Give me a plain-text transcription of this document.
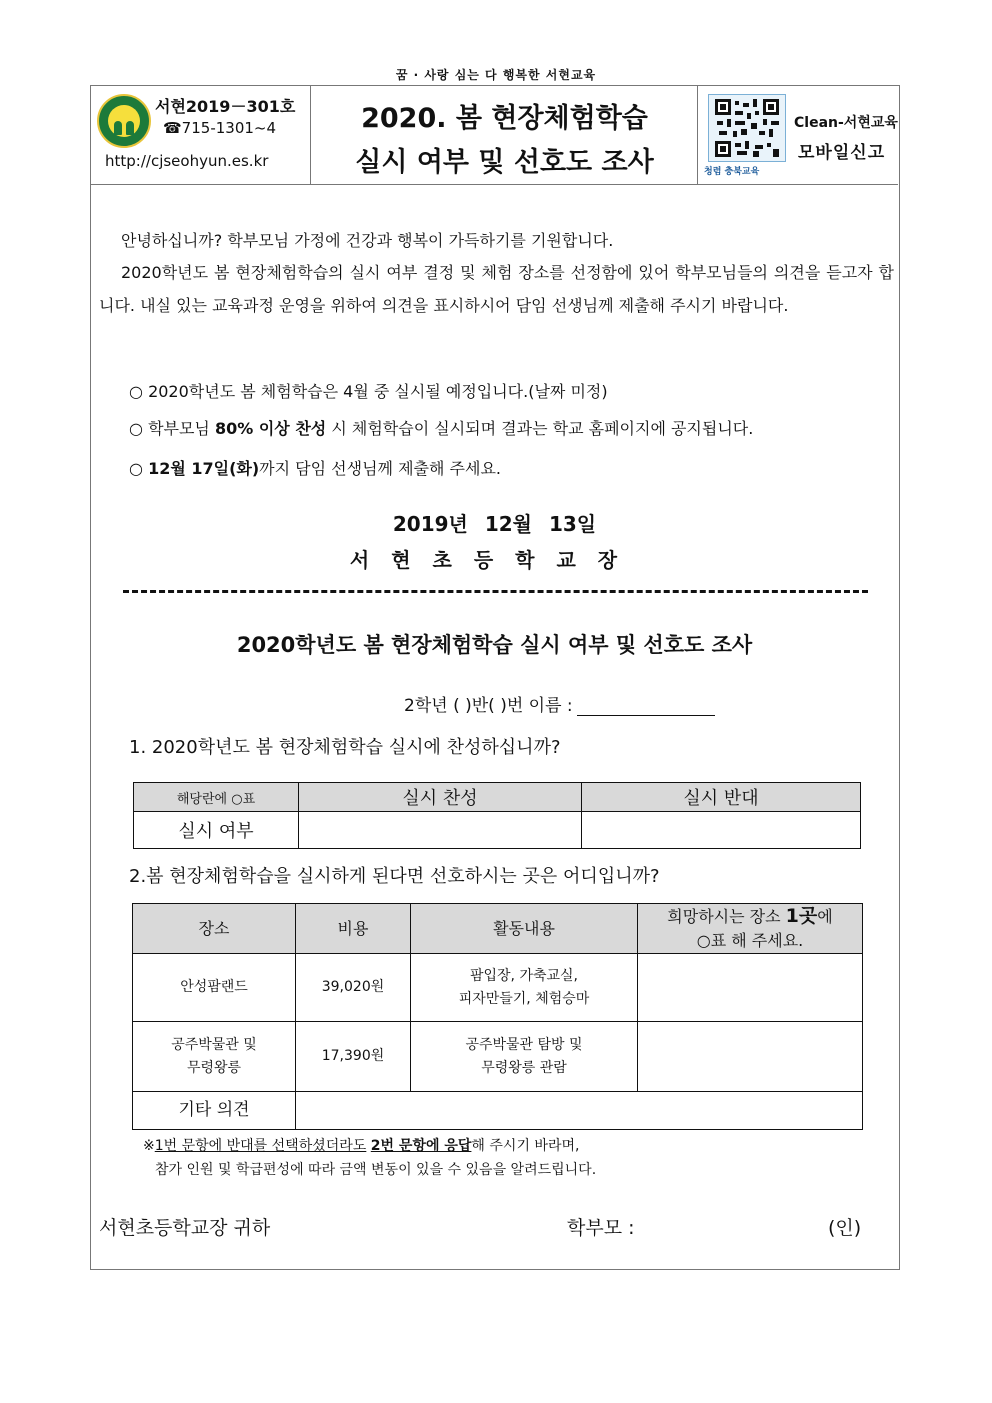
꿈 · 사랑 심는 다 행복한 서현교육
서현2019－301호
☎715-1301~4
http://cjseohyun.es.kr
2020. 봄 현장체험학습
실시 여부 및 선호도 조사	청렴 충북교육
Clean-서현교육
모바일신고
안녕하십니까? 학부모님 가정에 건강과 행복이 가득하기를 기원합니다.
2020학년도 봄 현장체험학습의 실시 여부 결정 및 체험 장소를 선정함에 있어 학부모님들의 의견을 듣고자 합니다. 내실 있는 교육과정 운영을 위하여 의견을 표시하시어 담임 선생님께 제출해 주시기 바랍니다.
○ 2020학년도 봄 체험학습은 4월 중 실시될 예정입니다.(날짜 미정)
○ 학부모님 80% 이상 찬성 시 체험학습이 실시되며 결과는 학교 홈페이지에 공지됩니다.
○ 12월 17일(화)까지 담임 선생님께 제출해 주세요.
2019년 12월 13일
서현초등학교장
2020학년도 봄 현장체험학습 실시 여부 및 선호도 조사
2학년 ( )반( )번 이름 :
1. 2020학년도 봄 현장체험학습 실시에 찬성하십니까?
해당란에 ○표	실시 찬성	실시 반대
실시 여부		
2.봄 현장체험학습을 실시하게 된다면 선호하시는 곳은 어디입니까?
장소	비용	활동내용	희망하시는 장소 1곳에
○표 해 주세요.
안성팜랜드	39,020원	팜입장, 가축교실,
피자만들기, 체험승마	
공주박물관 및
무령왕릉	17,390원	공주박물관 탐방 및
무령왕릉 관람	
기타 의견			
※1번 문항에 반대를 선택하셨더라도 2번 문항에 응답해 주시기 바라며,
참가 인원 및 학급편성에 따라 금액 변동이 있을 수 있음을 알려드립니다.
서현초등학교장 귀하	학부모 :	(인)
